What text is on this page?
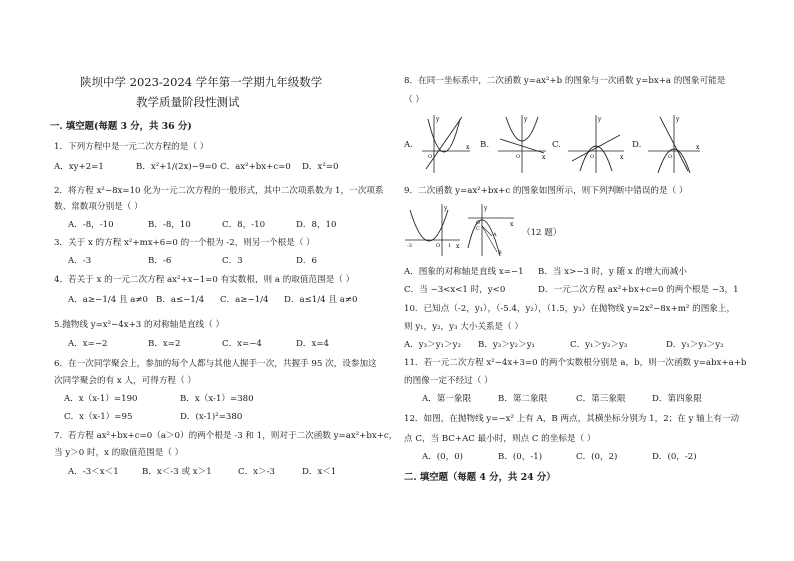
陕坝中学 2023-2024 学年第一学期九年级数学
教学质量阶段性测试
一. 填空题(每题 3 分，共 36 分)
1．下列方程中是一元二次方程的是（ ）
A．xy+2=1	B．x²+1/(2x)−9=0 C．ax²+bx+c=0 D．x²=0
2．将方程 x²−8x=10 化为一元二次方程的一般形式，其中二次项系数为 1，一次项系
数、常数项分别是（ ）
A．-8，-10	B．-8，10	C．8，-10	D．8，10
3．关于 x 的方程 x²+mx+6=0 的一个根为 -2，则另一个根是（ ）
A．-3	B．-6	C．3	D．6
4．若关于 x 的一元二次方程 ax²+x−1=0 有实数根，则 a 的取值范围是（ ）
A．a≥−1/4 且 a≠0 B．a≤−1/4 C．a≥−1/4 D．a≤1/4 且 a≠0
5.抛物线 y=x²−4x+3 的对称轴是直线（ ）
A．x=−2	B．x=2	C．x=−4	D．x=4
6．在一次同学聚会上，参加的每个人都与其他人握手一次，共握手 95 次，设参加这
次同学聚会的有 x 人，可得方程（ ）
A．x（x-1）=190	B．x（x-1）=380
C．x（x-1）=95	D．(x-1)²=380
7．若方程 ax²+bx+c=0（a＞0）的两个根是 -3 和 1，则对于二次函数 y=ax²+bx+c，
当 y＞0 时，x 的取值范围是（ ）
A．-3＜x＜1	B．x＜-3 或 x＞1	C．x＞-3	D．x＜1
8．在同一坐标系中，二次函数 y=ax²+b 的图象与一次函数 y=bx+a 的图象可能是
（ ）
A.
y
x
O
B.
y
x
O
C.
y
x
O
D.
y
x
O
9．二次函数 y=ax²+bx+c 的图象如图所示，则下列判断中错误的是（ ）
y
x
-3	O 1
y
x
O
A
B
C	（12 题）
A．图象的对称轴是直线 x=−1 B．当 x>−3 时，y 随 x 的增大而减小
C．当 −3<x<1 时，y<0	D．一元二次方程 ax²+bx+c=0 的两个根是 −3，1
10．已知点（-2，y₁），（-5.4，y₂），（1.5，y₃）在抛物线 y=2x²−8x+m² 的图象上，
则 y₁，y₂，y₃ 大小关系是（ ）
A．y₃＞y₁＞y₂ B．y₃＞y₂＞y₁	C．y₁＞y₂＞y₃	D．y₁＞y₃＞y₂
11．若一元二次方程 x²−4x+3=0 的两个实数根分别是 a，b，则一次函数 y=abx+a+b
的图像一定不经过（ ）
A．第一象限	B．第二象限	C．第三象限	D．第四象限
12．如图，在抛物线 y=−x² 上有 A，B 两点，其横坐标分别为 1，2；在 y 轴上有一动
点 C，当 BC+AC 最小时，则点 C 的坐标是（ ）
A．(0，0)	B．(0，-1)	C．(0，2)	D．(0，-2)
二. 填空题（每题 4 分，共 24 分）
